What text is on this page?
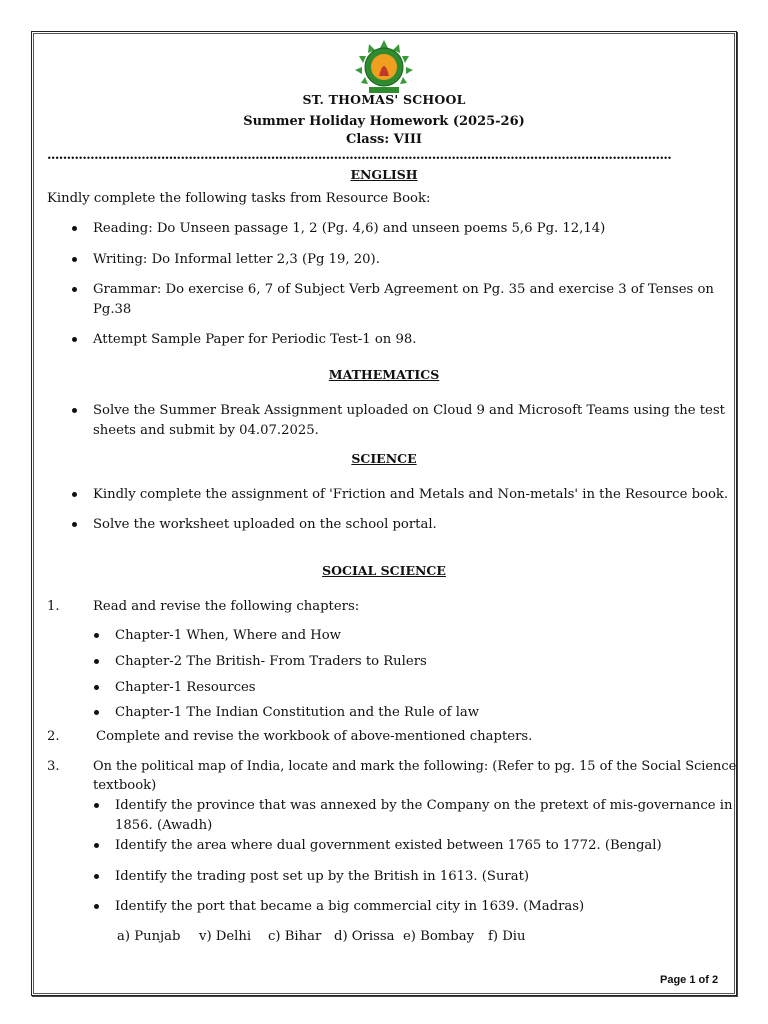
ST. THOMAS' SCHOOL
Summer Holiday Homework (2025-26)
Class: VIII
...............................................................................................................................................................
ENGLISH
Kindly complete the following tasks from Resource Book:
Reading: Do Unseen passage 1, 2 (Pg. 4,6) and unseen poems 5,6 Pg. 12,14)
Writing: Do Informal letter 2,3 (Pg 19, 20).
Grammar: Do exercise 6, 7 of Subject Verb Agreement on Pg. 35 and exercise 3 of Tenses on
Pg.38
Attempt Sample Paper for Periodic Test-1 on 98.
MATHEMATICS
Solve the Summer Break Assignment uploaded on Cloud 9 and Microsoft Teams using the test
sheets and submit by 04.07.2025.
SCIENCE
Kindly complete the assignment of 'Friction and Metals and Non-metals' in the Resource book.
Solve the worksheet uploaded on the school portal.
SOCIAL SCIENCE
1.	Read and revise the following chapters:
Chapter-1 When, Where and How
Chapter-2 The British- From Traders to Rulers
Chapter-1 Resources
Chapter-1 The Indian Constitution and the Rule of law
2.	Complete and revise the workbook of above-mentioned chapters.
3.	On the political map of India, locate and mark the following: (Refer to pg. 15 of the Social Science
textbook)
Identify the province that was annexed by the Company on the pretext of mis-governance in
1856. (Awadh)
Identify the area where dual government existed between 1765 to 1772. (Bengal)
Identify the trading post set up by the British in 1613. (Surat)
Identify the port that became a big commercial city in 1639. (Madras)
a) Punjab v) Delhi c) Bihar d) Orissa e) Bombay f) Diu
Page 1 of 2
